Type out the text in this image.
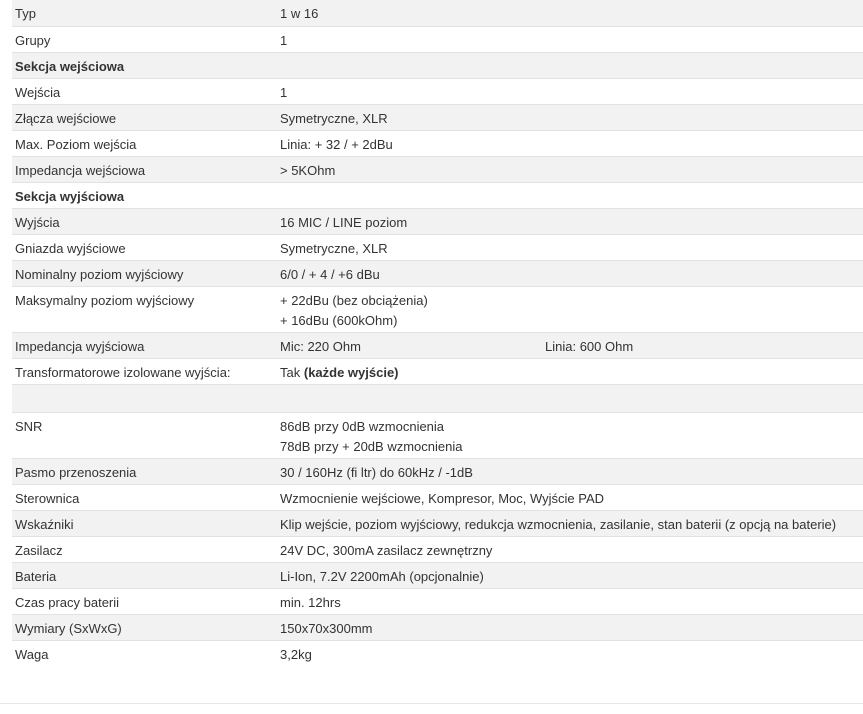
Typ	1 w 16	
Grupy	1	
Sekcja wejściowa		
Wejścia	1	
Złącza wejściowe	Symetryczne, XLR	
Max. Poziom wejścia	Linia: + 32 / + 2dBu	
Impedancja wejściowa	> 5KOhm	
Sekcja wyjściowa		
Wyjścia	16 MIC / LINE poziom	
Gniazda wyjściowe	Symetryczne, XLR	
Nominalny poziom wyjściowy	6/0 / + 4 / +6 dBu	
Maksymalny poziom wyjściowy	+ 22dBu (bez obciążenia)
+ 16dBu (600kOhm)	

Impedancja wyjściowa	Mic: 220 Ohm	Linia: 600 Ohm
Transformatorowe izolowane wyjścia:	Tak (każde wyjście)	

SNR	86dB przy 0dB wzmocnienia
78dB przy + 20dB wzmocnienia	

Pasmo przenoszenia	30 / 160Hz (fi ltr) do 60kHz / -1dB	
Sterownica	Wzmocnienie wejściowe, Kompresor, Moc, Wyjście PAD	
Wskaźniki	Klip wejście, poziom wyjściowy, redukcja wzmocnienia, zasilanie, stan baterii (z opcją na baterie)	
Zasilacz	24V DC, 300mA zasilacz zewnętrzny	
Bateria	Li-Ion, 7.2V 2200mAh (opcjonalnie)	
Czas pracy baterii	min. 12hrs	
Wymiary (SxWxG)	150x70x300mm	
Waga	3,2kg	
